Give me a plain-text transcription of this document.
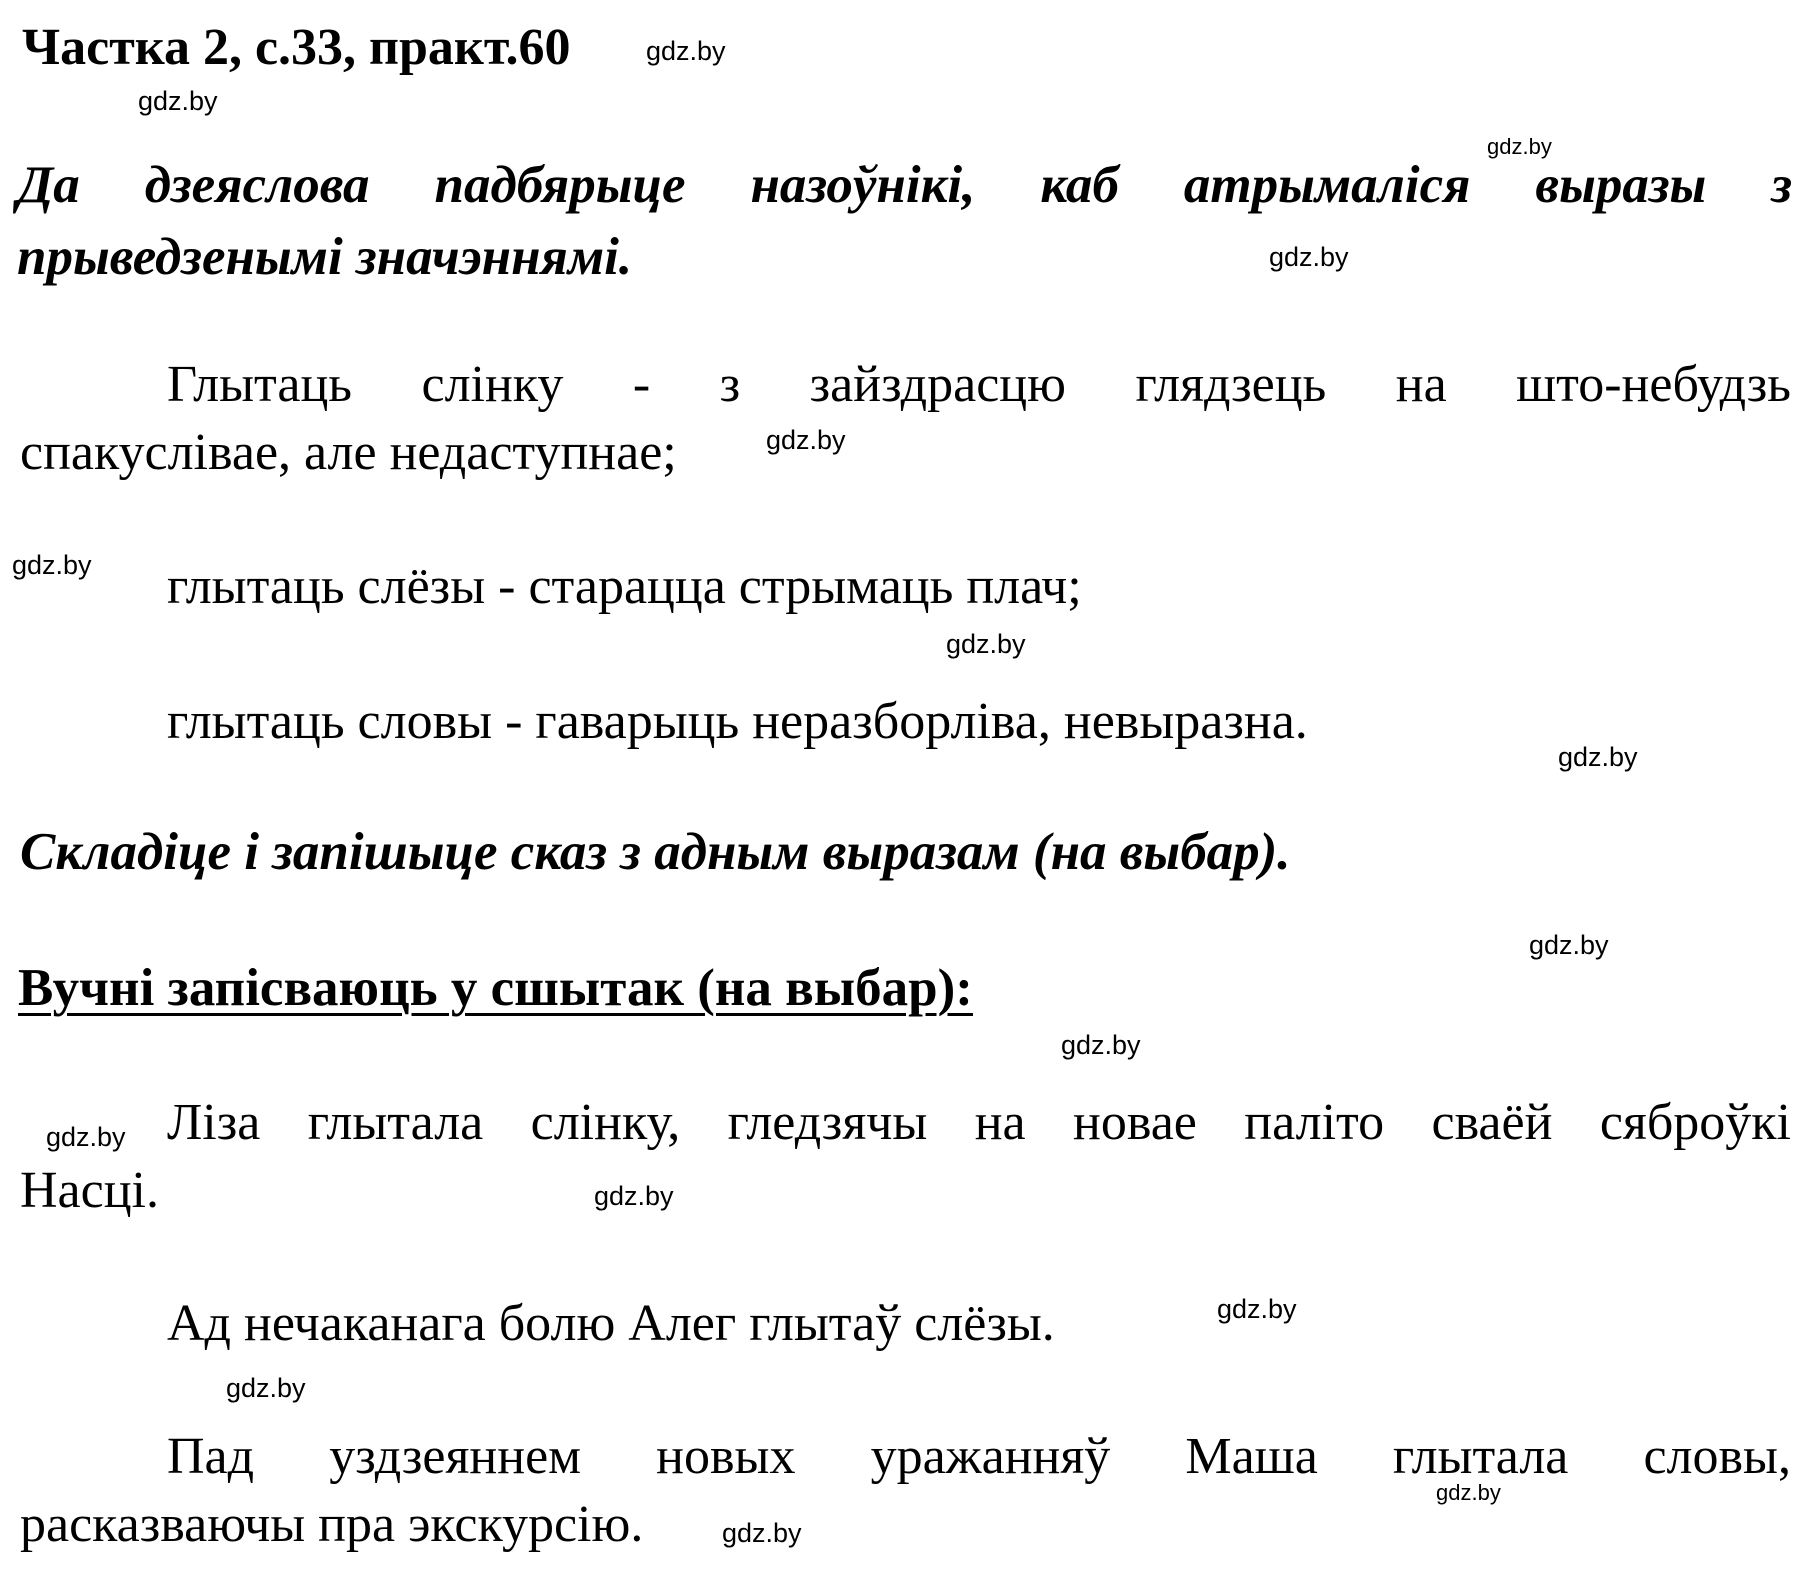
Частка 2, с.33, практ.60
Да дзеяслова падбярыце назоўнікі, каб атрымаліся выразы з
прыведзенымі значэннямі.
Глытаць слінку - з зайздрасцю глядзець на што-небудзь
спакуслівае, але недаступнае;
глытаць слёзы - старацца стрымаць плач;
глытаць словы - гаварыць неразборліва, невыразна.
Складіце і запішыце сказ з адным выразам (на выбар).
Вучні запісваюць у сшытак (на выбар):
Ліза глытала слінку, гледзячы на новае паліто сваёй сяброўкі
Насці.
Ад нечаканага болю Алег глытаў слёзы.
Пад уздзеяннем новых уражанняў Маша глытала словы,
расказваючы пра экскурсію.
gdz.by
gdz.by
gdz.by
gdz.by
gdz.by
gdz.by
gdz.by
gdz.by
gdz.by
gdz.by
gdz.by
gdz.by
gdz.by
gdz.by
gdz.by
gdz.by
